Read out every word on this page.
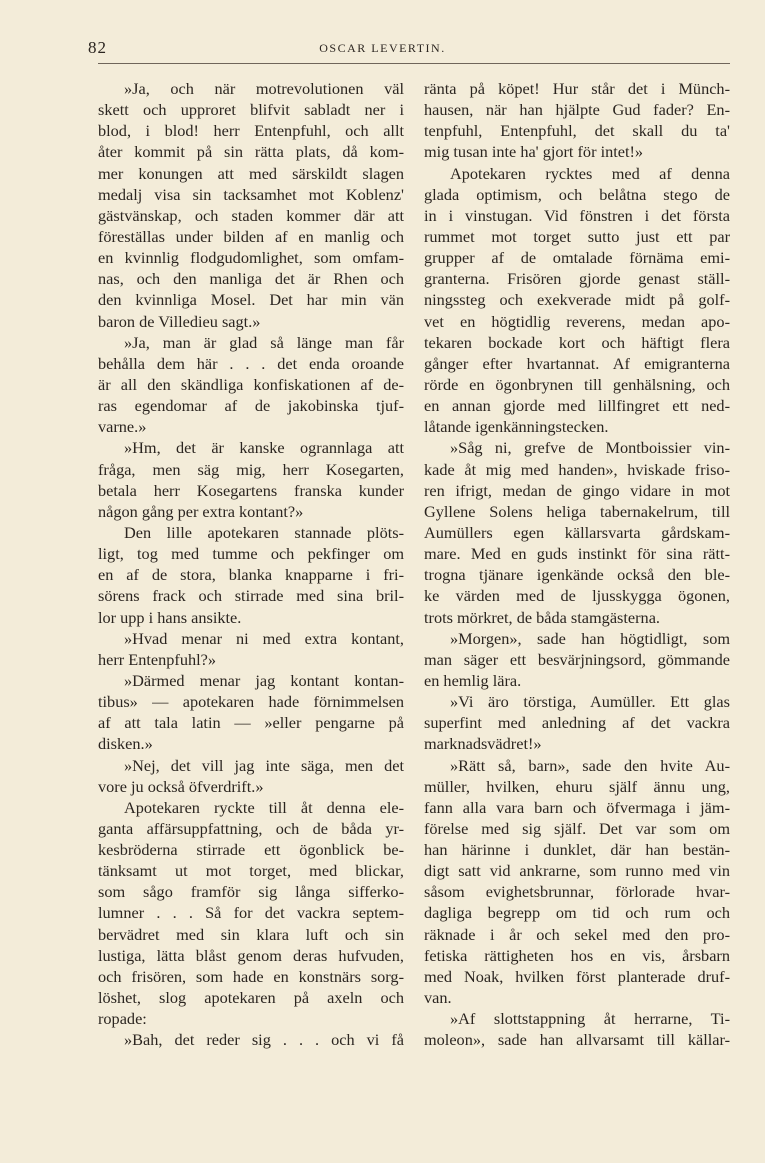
82	OSCAR LEVERTIN.
»Ja, och när motrevolutionen väl
skett och upproret blifvit sabladt ner i
blod, i blod! herr Entenpfuhl, och allt
åter kommit på sin rätta plats, då kom-
mer konungen att med särskildt slagen
medalj visa sin tacksamhet mot Koblenz'
gästvänskap, och staden kommer där att
föreställas under bilden af en manlig och
en kvinnlig flodgudomlighet, som omfam-
nas, och den manliga det är Rhen och
den kvinnliga Mosel. Det har min vän
baron de Villedieu sagt.»
»Ja, man är glad så länge man får
behålla dem här . . . det enda oroande
är all den skändliga konfiskationen af de-
ras egendomar af de jakobinska tjuf-
varne.»
»Hm, det är kanske ogrannlaga att
fråga, men säg mig, herr Kosegarten,
betala herr Kosegartens franska kunder
någon gång per extra kontant?»
Den lille apotekaren stannade plöts-
ligt, tog med tumme och pekfinger om
en af de stora, blanka knapparne i fri-
sörens frack och stirrade med sina bril-
lor upp i hans ansikte.
»Hvad menar ni med extra kontant,
herr Entenpfuhl?»
»Därmed menar jag kontant kontan-
tibus» — apotekaren hade förnimmelsen
af att tala latin — »eller pengarne på
disken.»
»Nej, det vill jag inte säga, men det
vore ju också öfverdrift.»
Apotekaren ryckte till åt denna ele-
ganta affärsuppfattning, och de båda yr-
kesbröderna stirrade ett ögonblick be-
tänksamt ut mot torget, med blickar,
som sågo framför sig långa sifferko-
lumner . . . Så for det vackra septem-
bervädret med sin klara luft och sin
lustiga, lätta blåst genom deras hufvuden,
och frisören, som hade en konstnärs sorg-
löshet, slog apotekaren på axeln och
ropade:
»Bah, det reder sig . . . och vi få
ränta på köpet! Hur står det i Münch-
hausen, när han hjälpte Gud fader? En-
tenpfuhl, Entenpfuhl, det skall du ta'
mig tusan inte ha' gjort för intet!»
Apotekaren rycktes med af denna
glada optimism, och belåtna stego de
in i vinstugan. Vid fönstren i det första
rummet mot torget sutto just ett par
grupper af de omtalade förnäma emi-
granterna. Frisören gjorde genast ställ-
ningssteg och exekverade midt på golf-
vet en högtidlig reverens, medan apo-
tekaren bockade kort och häftigt flera
gånger efter hvartannat. Af emigranterna
rörde en ögonbrynen till genhälsning, och
en annan gjorde med lillfingret ett ned-
låtande igenkänningstecken.
»Såg ni, grefve de Montboissier vin-
kade åt mig med handen», hviskade friso-
ren ifrigt, medan de gingo vidare in mot
Gyllene Solens heliga tabernakelrum, till
Aumüllers egen källarsvarta gårdskam-
mare. Med en guds instinkt för sina rätt-
trogna tjänare igenkände också den ble-
ke värden med de ljusskygga ögonen,
trots mörkret, de båda stamgästerna.
»Morgen», sade han högtidligt, som
man säger ett besvärjningsord, gömmande
en hemlig lära.
»Vi äro törstiga, Aumüller. Ett glas
superfint med anledning af det vackra
marknadsvädret!»
»Rätt så, barn», sade den hvite Au-
müller, hvilken, ehuru själf ännu ung,
fann alla vara barn och öfvermaga i jäm-
förelse med sig själf. Det var som om
han härinne i dunklet, där han bestän-
digt satt vid ankrarne, som runno med vin
såsom evighetsbrunnar, förlorade hvar-
dagliga begrepp om tid och rum och
räknade i år och sekel med den pro-
fetiska rättigheten hos en vis, årsbarn
med Noak, hvilken först planterade druf-
van.
»Af slottstappning åt herrarne, Ti-
moleon», sade han allvarsamt till källar-
